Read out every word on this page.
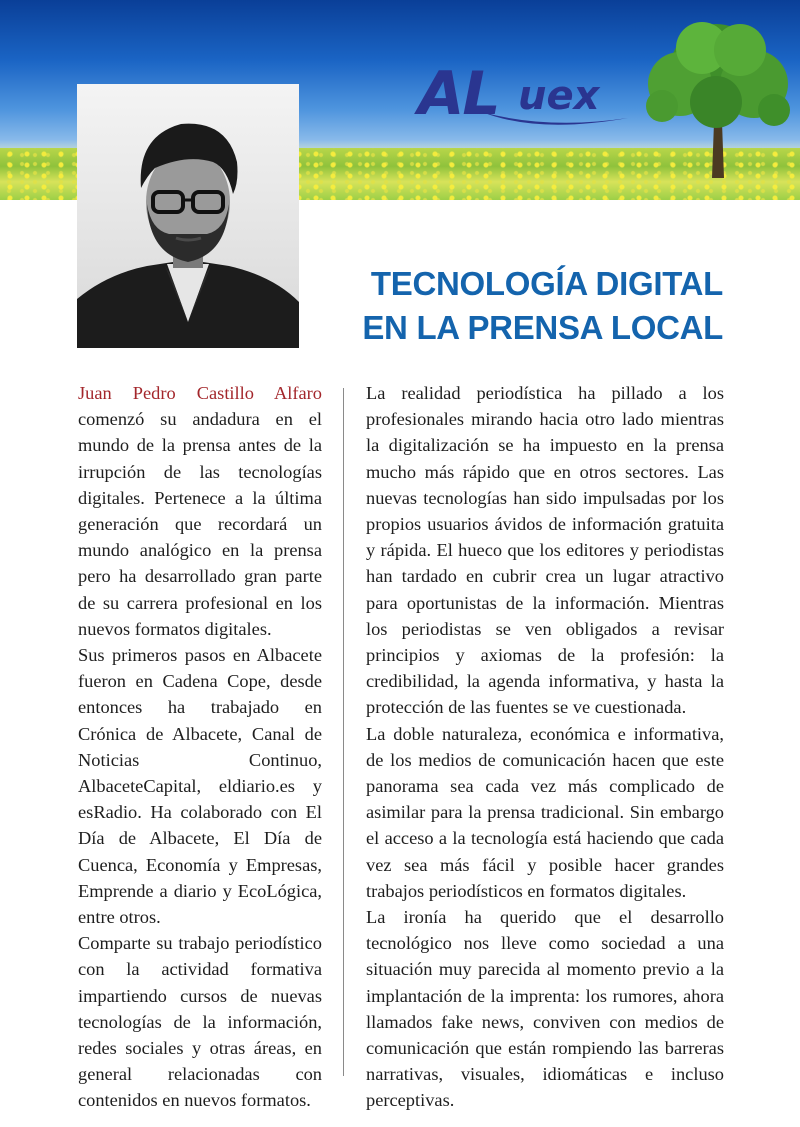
AL uex
TECNOLOGÍA DIGITAL
EN LA PRENSA LOCAL

Juan Pedro Castillo Alfaro comenzó su andadura en el mundo de la prensa antes de la irrupción de las tecnologías digitales. Pertenece a la última generación que recordará un mundo analógico en la prensa pero ha desarrollado gran parte de su carrera profesional en los nuevos formatos digitales.

Sus primeros pasos en Albacete fueron en Cadena Cope, desde entonces ha trabajado en Crónica de Albacete, Canal de Noticias Continuo, AlbaceteCapital, eldiario.es y esRadio. Ha colaborado con El Día de Albacete, El Día de Cuenca, Economía y Empresas, Emprende a diario y EcoLógica, entre otros.

Comparte su trabajo periodístico con la actividad formativa impartiendo cursos de nuevas tecnologías de la información, redes sociales y otras áreas, en general relacionadas con contenidos en nuevos formatos.

La realidad periodística ha pillado a los profesionales mirando hacia otro lado mientras la digitalización se ha impuesto en la prensa mucho más rápido que en otros sectores. Las nuevas tecnologías han sido impulsadas por los propios usuarios ávidos de información gratuita y rápida. El hueco que los editores y periodistas han tardado en cubrir crea un lugar atractivo para oportunistas de la información. Mientras los periodistas se ven obligados a revisar principios y axiomas de la profesión: la credibilidad, la agenda informativa, y hasta la protección de las fuentes se ve cuestionada.

La doble naturaleza, económica e informativa, de los medios de comunicación hacen que este panorama sea cada vez más complicado de asimilar para la prensa tradicional. Sin embargo el acceso a la tecnología está haciendo que cada vez sea más fácil y posible hacer grandes trabajos periodísticos en formatos digitales.

La ironía ha querido que el desarrollo tecnológico nos lleve como sociedad a una situación muy parecida al momento previo a la implantación de la imprenta: los rumores, ahora llamados fake news, conviven con medios de comunicación que están rompiendo las barreras narrativas, visuales, idiomáticas e incluso perceptivas.
